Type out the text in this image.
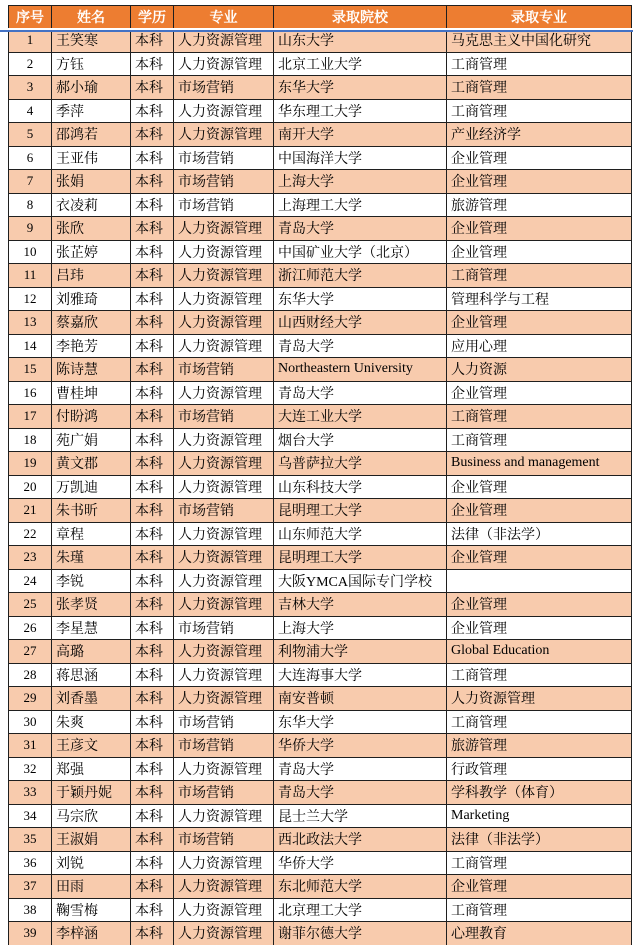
序号	姓名	学历	专业	录取院校	录取专业
1	王笑寒	本科	人力资源管理	山东大学	马克思主义中国化研究
2	方钰	本科	人力资源管理	北京工业大学	工商管理
3	郝小瑜	本科	市场营销	东华大学	工商管理
4	季萍	本科	人力资源管理	华东理工大学	工商管理
5	邵鸿若	本科	人力资源管理	南开大学	产业经济学
6	王亚伟	本科	市场营销	中国海洋大学	企业管理
7	张娟	本科	市场营销	上海大学	企业管理
8	衣凌莉	本科	市场营销	上海理工大学	旅游管理
9	张欣	本科	人力资源管理	青岛大学	企业管理
10	张芷婷	本科	人力资源管理	中国矿业大学（北京）	企业管理
11	吕玮	本科	人力资源管理	浙江师范大学	工商管理
12	刘雅琦	本科	人力资源管理	东华大学	管理科学与工程
13	蔡嘉欣	本科	人力资源管理	山西财经大学	企业管理
14	李艳芳	本科	人力资源管理	青岛大学	应用心理
15	陈诗慧	本科	市场营销	Northeastern University	人力资源
16	曹桂坤	本科	人力资源管理	青岛大学	企业管理
17	付盼鸿	本科	市场营销	大连工业大学	工商管理
18	苑广娟	本科	人力资源管理	烟台大学	工商管理
19	黄文郡	本科	人力资源管理	乌普萨拉大学	Business and management
20	万凯迪	本科	人力资源管理	山东科技大学	企业管理
21	朱书昕	本科	市场营销	昆明理工大学	企业管理
22	章程	本科	人力资源管理	山东师范大学	法律（非法学）
23	朱瑾	本科	人力资源管理	昆明理工大学	企业管理
24	李锐	本科	人力资源管理	大阪YMCA国际专门学校	
25	张孝贤	本科	人力资源管理	吉林大学	企业管理
26	李星慧	本科	市场营销	上海大学	企业管理
27	高璐	本科	人力资源管理	利物浦大学	Global Education
28	蒋思涵	本科	人力资源管理	大连海事大学	工商管理
29	刘香墨	本科	人力资源管理	南安普顿	人力资源管理
30	朱爽	本科	市场营销	东华大学	工商管理
31	王彦文	本科	市场营销	华侨大学	旅游管理
32	郑强	本科	人力资源管理	青岛大学	行政管理
33	于颖丹妮	本科	市场营销	青岛大学	学科教学（体育）
34	马宗欣	本科	人力资源管理	昆士兰大学	Marketing
35	王淑娟	本科	市场营销	西北政法大学	法律（非法学）
36	刘锐	本科	人力资源管理	华侨大学	工商管理
37	田雨	本科	人力资源管理	东北师范大学	企业管理
38	鞠雪梅	本科	人力资源管理	北京理工大学	工商管理
39	李梓涵	本科	人力资源管理	谢菲尔德大学	心理教育
